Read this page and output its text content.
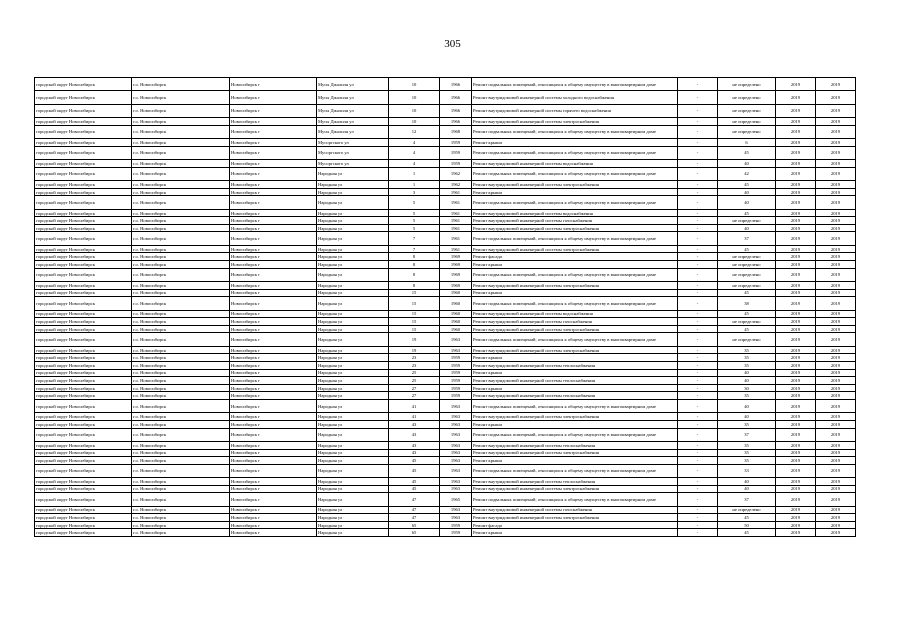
305
городской округ Новосибирск	г.о. Новосибирск	Новосибирск г	Мусы Джалиля ул	10	1966	Ремонт подвальных помещений, относящихся к общему имуществу в многоквартирном доме	-	не определено	2019	2019
городской округ Новосибирск	г.о. Новосибирск	Новосибирск г	Мусы Джалиля ул	10	1966	Ремонт внутридомовой инженерной системы холодного водоснабжения	-	не определено	2019	2019
городской округ Новосибирск	г.о. Новосибирск	Новосибирск г	Мусы Джалиля ул	10	1966	Ремонт внутридомовой инженерной системы горячего водоснабжения	-	не определено	2019	2019
городской округ Новосибирск	г.о. Новосибирск	Новосибирск г	Мусы Джалиля ул	10	1966	Ремонт внутридомовой инженерной системы электроснабжения	-	не определено	2019	2019
городской округ Новосибирск	г.о. Новосибирск	Новосибирск г	Мусы Джалиля ул	12	1968	Ремонт подвальных помещений, относящихся к общему имуществу в многоквартирном доме	-	не определено	2019	2019
городской округ Новосибирск	г.о. Новосибирск	Новосибирск г	Мусоргского ул	4	1959	Ремонт крыши	-	6	2019	2019
городской округ Новосибирск	г.о. Новосибирск	Новосибирск г	Мусоргского ул	4	1959	Ремонт подвальных помещений, относящихся к общему имуществу в многоквартирном доме	-	45	2019	2019
городской округ Новосибирск	г.о. Новосибирск	Новосибирск г	Мусоргского ул	4	1959	Ремонт внутридомовой инженерной системы водоснабжения	-	40	2019	2019
городской округ Новосибирск	г.о. Новосибирск	Новосибирск г	Народная ул	1	1962	Ремонт подвальных помещений, относящихся к общему имуществу в многоквартирном доме	-	42	2019	2019
городской округ Новосибирск	г.о. Новосибирск	Новосибирск г	Народная ул	1	1962	Ремонт внутридомовой инженерной системы электроснабжения	-	45	2019	2019
городской округ Новосибирск	г.о. Новосибирск	Новосибирск г	Народная ул	3	1961	Ремонт крыши	-	40	2019	2019
городской округ Новосибирск	г.о. Новосибирск	Новосибирск г	Народная ул	5	1961	Ремонт подвальных помещений, относящихся к общему имуществу в многоквартирном доме	-	40	2019	2019
городской округ Новосибирск	г.о. Новосибирск	Новосибирск г	Народная ул	5	1961	Ремонт внутридомовой инженерной системы водоснабжения	-	45	2019	2019
городской округ Новосибирск	г.о. Новосибирск	Новосибирск г	Народная ул	5	1961	Ремонт внутридомовой инженерной системы газоснабжения	-	не определено	2019	2019
городской округ Новосибирск	г.о. Новосибирск	Новосибирск г	Народная ул	5	1961	Ремонт внутридомовой инженерной системы электроснабжения	-	40	2019	2019
городской округ Новосибирск	г.о. Новосибирск	Новосибирск г	Народная ул	7	1961	Ремонт подвальных помещений, относящихся к общему имуществу в многоквартирном доме	-	37	2019	2019
городской округ Новосибирск	г.о. Новосибирск	Новосибирск г	Народная ул	7	1961	Ремонт внутридомовой инженерной системы электроснабжения	-	45	2019	2019
городской округ Новосибирск	г.о. Новосибирск	Новосибирск г	Народная ул	8	1969	Ремонт фасада	-	не определено	2019	2019
городской округ Новосибирск	г.о. Новосибирск	Новосибирск г	Народная ул	8	1969	Ремонт крыши	-	не определено	2019	2019
городской округ Новосибирск	г.о. Новосибирск	Новосибирск г	Народная ул	8	1969	Ремонт подвальных помещений, относящихся к общему имуществу в многоквартирном доме	-	не определено	2019	2019
городской округ Новосибирск	г.о. Новосибирск	Новосибирск г	Народная ул	8	1969	Ремонт внутридомовой инженерной системы электроснабжения	-	не определено	2019	2019
городской округ Новосибирск	г.о. Новосибирск	Новосибирск г	Народная ул	15	1960	Ремонт крыши	-	45	2019	2019
городской округ Новосибирск	г.о. Новосибирск	Новосибирск г	Народная ул	15	1960	Ремонт подвальных помещений, относящихся к общему имуществу в многоквартирном доме	-	38	2019	2019
городской округ Новосибирск	г.о. Новосибирск	Новосибирск г	Народная ул	15	1960	Ремонт внутридомовой инженерной системы водоснабжения	-	45	2019	2019
городской округ Новосибирск	г.о. Новосибирск	Новосибирск г	Народная ул	15	1960	Ремонт внутридомовой инженерной системы газоснабжения	-	не определено	2019	2019
городской округ Новосибирск	г.о. Новосибирск	Новосибирск г	Народная ул	15	1960	Ремонт внутридомовой инженерной системы электроснабжения	-	45	2019	2019
городской округ Новосибирск	г.о. Новосибирск	Новосибирск г	Народная ул	19	1963	Ремонт подвальных помещений, относящихся к общему имуществу в многоквартирном доме	-	не определено	2019	2019
городской округ Новосибирск	г.о. Новосибирск	Новосибирск г	Народная ул	19	1963	Ремонт внутридомовой инженерной системы электроснабжения	-	35	2019	2019
городской округ Новосибирск	г.о. Новосибирск	Новосибирск г	Народная ул	23	1959	Ремонт крыши	-	35	2019	2019
городской округ Новосибирск	г.о. Новосибирск	Новосибирск г	Народная ул	23	1959	Ремонт внутридомовой инженерной системы теплоснабжения	-	35	2019	2019
городской округ Новосибирск	г.о. Новосибирск	Новосибирск г	Народная ул	25	1959	Ремонт крыши	-	40	2019	2019
городской округ Новосибирск	г.о. Новосибирск	Новосибирск г	Народная ул	25	1959	Ремонт внутридомовой инженерной системы теплоснабжения	-	40	2019	2019
городской округ Новосибирск	г.о. Новосибирск	Новосибирск г	Народная ул	27	1959	Ремонт крыши	-	30	2019	2019
городской округ Новосибирск	г.о. Новосибирск	Новосибирск г	Народная ул	27	1959	Ремонт внутридомовой инженерной системы теплоснабжения	-	35	2019	2019
городской округ Новосибирск	г.о. Новосибирск	Новосибирск г	Народная ул	41	1963	Ремонт подвальных помещений, относящихся к общему имуществу в многоквартирном доме	-	40	2019	2019
городской округ Новосибирск	г.о. Новосибирск	Новосибирск г	Народная ул	41	1963	Ремонт внутридомовой инженерной системы электроснабжения	-	40	2019	2019
городской округ Новосибирск	г.о. Новосибирск	Новосибирск г	Народная ул	43	1963	Ремонт крыши	-	35	2019	2019
городской округ Новосибирск	г.о. Новосибирск	Новосибирск г	Народная ул	43	1963	Ремонт подвальных помещений, относящихся к общему имуществу в многоквартирном доме	-	37	2019	2019
городской округ Новосибирск	г.о. Новосибирск	Новосибирск г	Народная ул	43	1963	Ремонт внутридомовой инженерной системы теплоснабжения	-	35	2019	2019
городской округ Новосибирск	г.о. Новосибирск	Новосибирск г	Народная ул	43	1963	Ремонт внутридомовой инженерной системы электроснабжения	-	35	2019	2019
городской округ Новосибирск	г.о. Новосибирск	Новосибирск г	Народная ул	45	1963	Ремонт крыши	-	35	2019	2019
городской округ Новосибирск	г.о. Новосибирск	Новосибирск г	Народная ул	45	1963	Ремонт подвальных помещений, относящихся к общему имуществу в многоквартирном доме	-	33	2019	2019
городской округ Новосибирск	г.о. Новосибирск	Новосибирск г	Народная ул	45	1963	Ремонт внутридомовой инженерной системы теплоснабжения	-	40	2019	2019
городской округ Новосибирск	г.о. Новосибирск	Новосибирск г	Народная ул	45	1963	Ремонт внутридомовой инженерной системы электроснабжения	-	40	2019	2019
городской округ Новосибирск	г.о. Новосибирск	Новосибирск г	Народная ул	47	1965	Ремонт подвальных помещений, относящихся к общему имуществу в многоквартирном доме	-	37	2019	2019
городской округ Новосибирск	г.о. Новосибирск	Новосибирск г	Народная ул	47	1963	Ремонт внутридомовой инженерной системы газоснабжения	-	не определено	2019	2019
городской округ Новосибирск	г.о. Новосибирск	Новосибирск г	Народная ул	47	1963	Ремонт внутридомовой инженерной системы электроснабжения	-	45	2019	2019
городской округ Новосибирск	г.о. Новосибирск	Новосибирск г	Народная ул	65	1959	Ремонт фасада	-	50	2019	2019
городской округ Новосибирск	г.о. Новосибирск	Новосибирск г	Народная ул	65	1959	Ремонт крыши	-	45	2019	2019
